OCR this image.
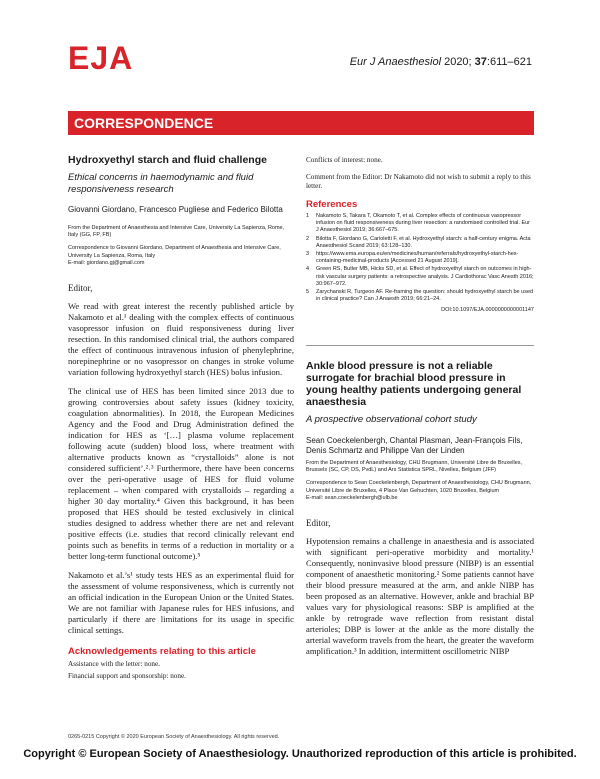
EJA	Eur J Anaesthesiol 2020; 37:611–621
CORRESPONDENCE

Hydroxyethyl starch and fluid challenge

Ethical concerns in haemodynamic and fluid responsiveness research

Giovanni Giordano, Francesco Pugliese and Federico Bilotta

From the Department of Anaesthesia and Intensive Care, University La Sapienza, Rome, Italy (GG, FP, FB)

Correspondence to Giovanni Giordano, Department of Anaesthesia and Intensive Care, University La Sapienza, Roma, Italy
E-mail: giordano.gj@gmail.com

Editor,

We read with great interest the recently published article by Nakamoto et al.¹ dealing with the complex effects of continuous vasopressor infusion on fluid responsiveness during liver resection. In this randomised clinical trial, the authors compared the effect of continuous intravenous infusion of phenylephrine, norepinephrine or no vasopressor on changes in stroke volume variation following hydroxyethyl starch (HES) bolus infusion.

The clinical use of HES has been limited since 2013 due to growing controversies about safety issues (kidney toxicity, coagulation abnormalities). In 2018, the European Medicines Agency and the Food and Drug Administration defined the indication for HES as ‘[…] plasma volume replacement following acute (sudden) blood loss, where treatment with alternative products known as “crystalloids” alone is not considered sufficient’.²˒³ Furthermore, there have been concerns over the peri-operative usage of HES for fluid volume replacement – when compared with crystalloids – regarding a higher 30 day mortality.⁴ Given this background, it has been proposed that HES should be tested exclusively in clinical studies designed to address whether there are net and relevant positive effects (i.e. studies that record clinically relevant end points such as benefits in terms of a reduction in mortality or a better long-term functional outcome).⁵

Nakamoto et al.’s¹ study tests HES as an experimental fluid for the assessment of volume responsiveness, which is currently not an official indication in the European Union or the United States. We are not familiar with Japanese rules for HES infusions, and particularly if there are limitations for its usage in specific clinical settings.

Acknowledgements relating to this article

Assistance with the letter: none.

Financial support and sponsorship: none.

Conflicts of interest: none.

Comment from the Editor: Dr Nakamoto did not wish to submit a reply to this letter.

References

1	Nakamoto S, Takara T, Okamoto T, et al. Complex effects of continuous vasopressor infusion on fluid responsiveness during liver resection: a randomised controlled trial. Eur J Anaesthesiol 2019; 36:667–675.
2	Bilotta F, Giordano G, Carioletti F, et al. Hydroxyethyl starch: a half-century enigma. Acta Anaesthesiol Scand 2019; 63:128–130.
3	https://www.ema.europa.eu/en/medicines/human/referrals/hydroxyethyl-starch-hes-containing-medicinal-products [Accessed 21 August 2019].
4	Green RS, Butler MB, Hicks SD, et al. Effect of hydroxyethyl starch on outcomes in high-risk vascular surgery patients: a retrospective analysis. J Cardiothorac Vasc Anesth 2016; 30:967–972.
5	Zarychanski R, Turgeon AF. Re-framing the question: should hydroxyethyl starch be used in clinical practice? Can J Anaesth 2019; 66:21–24.

DOI:10.1097/EJA.0000000000001147

Ankle blood pressure is not a reliable surrogate for brachial blood pressure in young healthy patients undergoing general anaesthesia

A prospective observational cohort study

Sean Coeckelenbergh, Chantal Plasman, Jean-François Fils, Denis Schmartz and Philippe Van der Linden

From the Department of Anaesthesiology, CHU Brugmann, Université Libre de Bruxelles, Brussels (SC, CP, DS, PvdL) and Ars Statistica SPRL, Nivelles, Belgium (JFF)

Correspondence to Sean Coeckelenbergh, Department of Anaesthesiology, CHU Brugmann, Université Libre de Bruxelles, 4 Place Van Gehuchten, 1020 Bruxelles, Belgium
E-mail: sean.coeckelenbergh@ulb.be

Editor,

Hypotension remains a challenge in anaesthesia and is associated with significant peri-operative morbidity and mortality.¹ Consequently, noninvasive blood pressure (NIBP) is an essential component of anaesthetic monitoring.² Some patients cannot have their blood pressure measured at the arm, and ankle NIBP has been proposed as an alternative. However, ankle and brachial BP values vary for physiological reasons: SBP is amplified at the ankle by retrograde wave reflection from resistant distal arterioles; DBP is lower at the ankle as the more distally the arterial waveform travels from the heart, the greater the waveform amplification.³ In addition, intermittent oscillometric NIBP

0265-0215 Copyright © 2020 European Society of Anaesthesiology. All rights reserved.
Copyright © European Society of Anaesthesiology. Unauthorized reproduction of this article is prohibited.
